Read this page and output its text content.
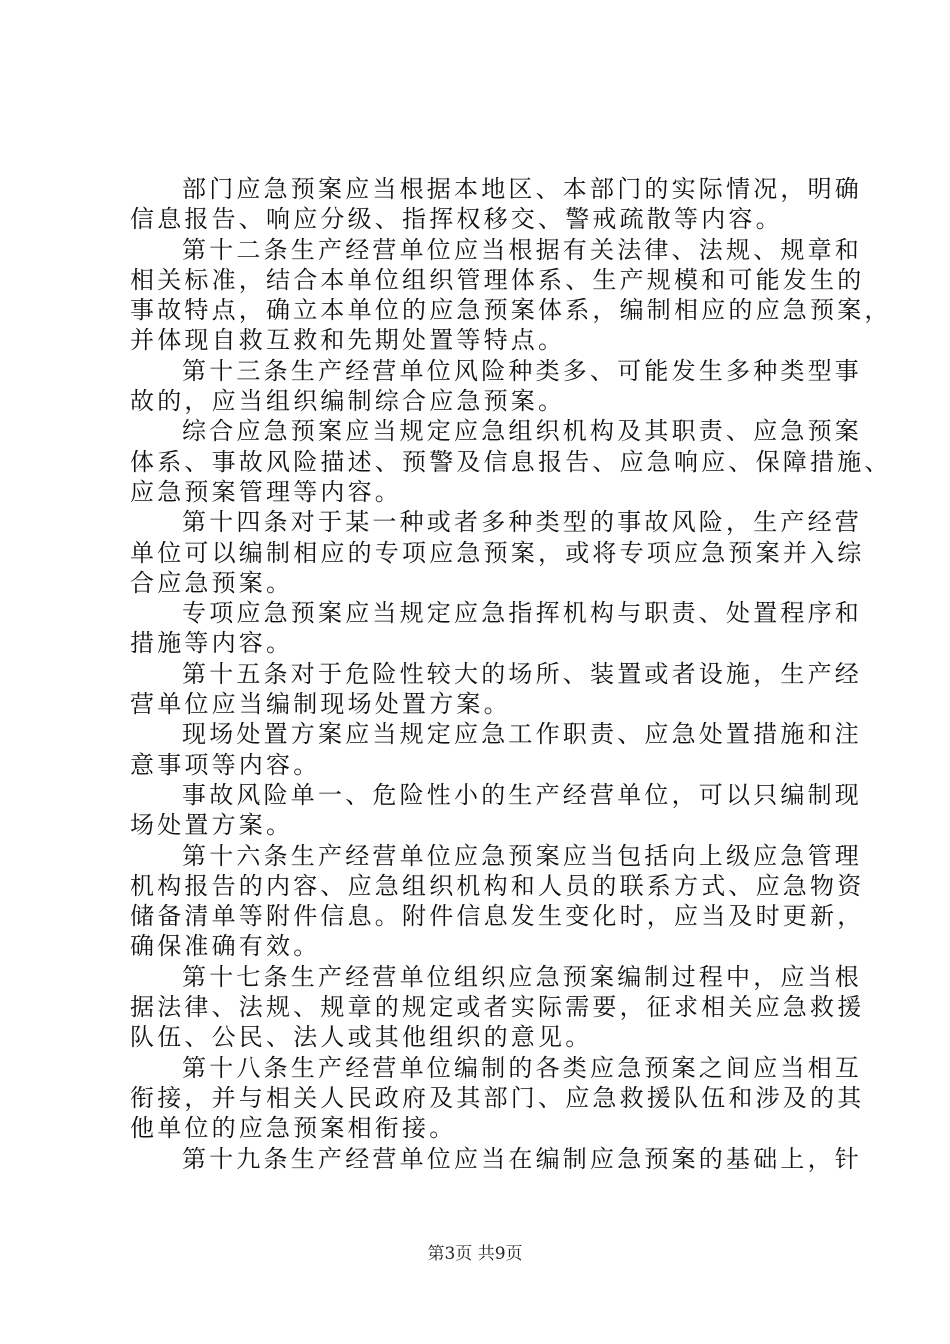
部门应急预案应当根据本地区、本部门的实际情况，明确
信息报告、响应分级、指挥权移交、警戒疏散等内容。
第十二条生产经营单位应当根据有关法律、法规、规章和
相关标准，结合本单位组织管理体系、生产规模和可能发生的
事故特点，确立本单位的应急预案体系，编制相应的应急预案，
并体现自救互救和先期处置等特点。
第十三条生产经营单位风险种类多、可能发生多种类型事
故的，应当组织编制综合应急预案。
综合应急预案应当规定应急组织机构及其职责、应急预案
体系、事故风险描述、预警及信息报告、应急响应、保障措施、
应急预案管理等内容。
第十四条对于某一种或者多种类型的事故风险，生产经营
单位可以编制相应的专项应急预案，或将专项应急预案并入综
合应急预案。
专项应急预案应当规定应急指挥机构与职责、处置程序和
措施等内容。
第十五条对于危险性较大的场所、装置或者设施，生产经
营单位应当编制现场处置方案。
现场处置方案应当规定应急工作职责、应急处置措施和注
意事项等内容。
事故风险单一、危险性小的生产经营单位，可以只编制现
场处置方案。
第十六条生产经营单位应急预案应当包括向上级应急管理
机构报告的内容、应急组织机构和人员的联系方式、应急物资
储备清单等附件信息。附件信息发生变化时，应当及时更新，
确保准确有效。
第十七条生产经营单位组织应急预案编制过程中，应当根
据法律、法规、规章的规定或者实际需要，征求相关应急救援
队伍、公民、法人或其他组织的意见。
第十八条生产经营单位编制的各类应急预案之间应当相互
衔接，并与相关人民政府及其部门、应急救援队伍和涉及的其
他单位的应急预案相衔接。
第十九条生产经营单位应当在编制应急预案的基础上，针
第3页 共9页
